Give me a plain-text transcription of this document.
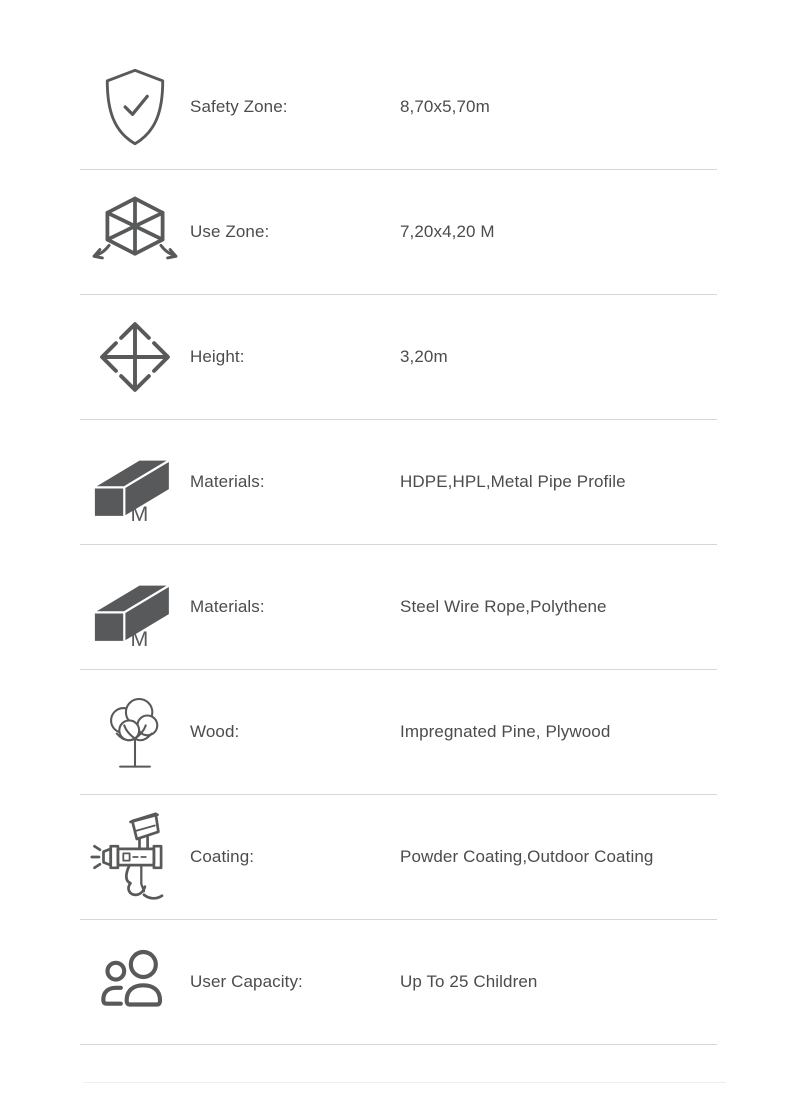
Safety Zone:	8,70x5,70m
Use Zone:	7,20x4,20 M
Height:	3,20m
M
Materials:	HDPE,HPL,Metal Pipe Profile
M
Materials:	Steel Wire Rope,Polythene
Wood:	Impregnated Pine, Plywood
Coating:	Powder Coating,Outdoor Coating
User Capacity:	Up To 25 Children
